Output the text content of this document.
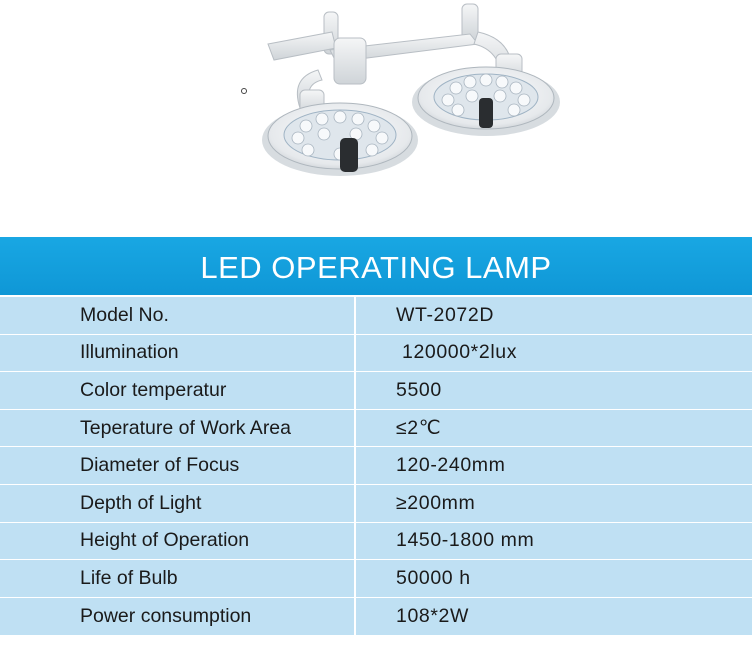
LED OPERATING LAMP
Model No.	WT-2072D
Illumination	120000*2lux
Color temperatur	5500
Teperature of Work Area	≤2℃
Diameter of Focus	120-240mm
Depth of Light	≥200mm
Height of Operation	1450-1800 mm
Life of Bulb	50000 h
Power consumption	108*2W
